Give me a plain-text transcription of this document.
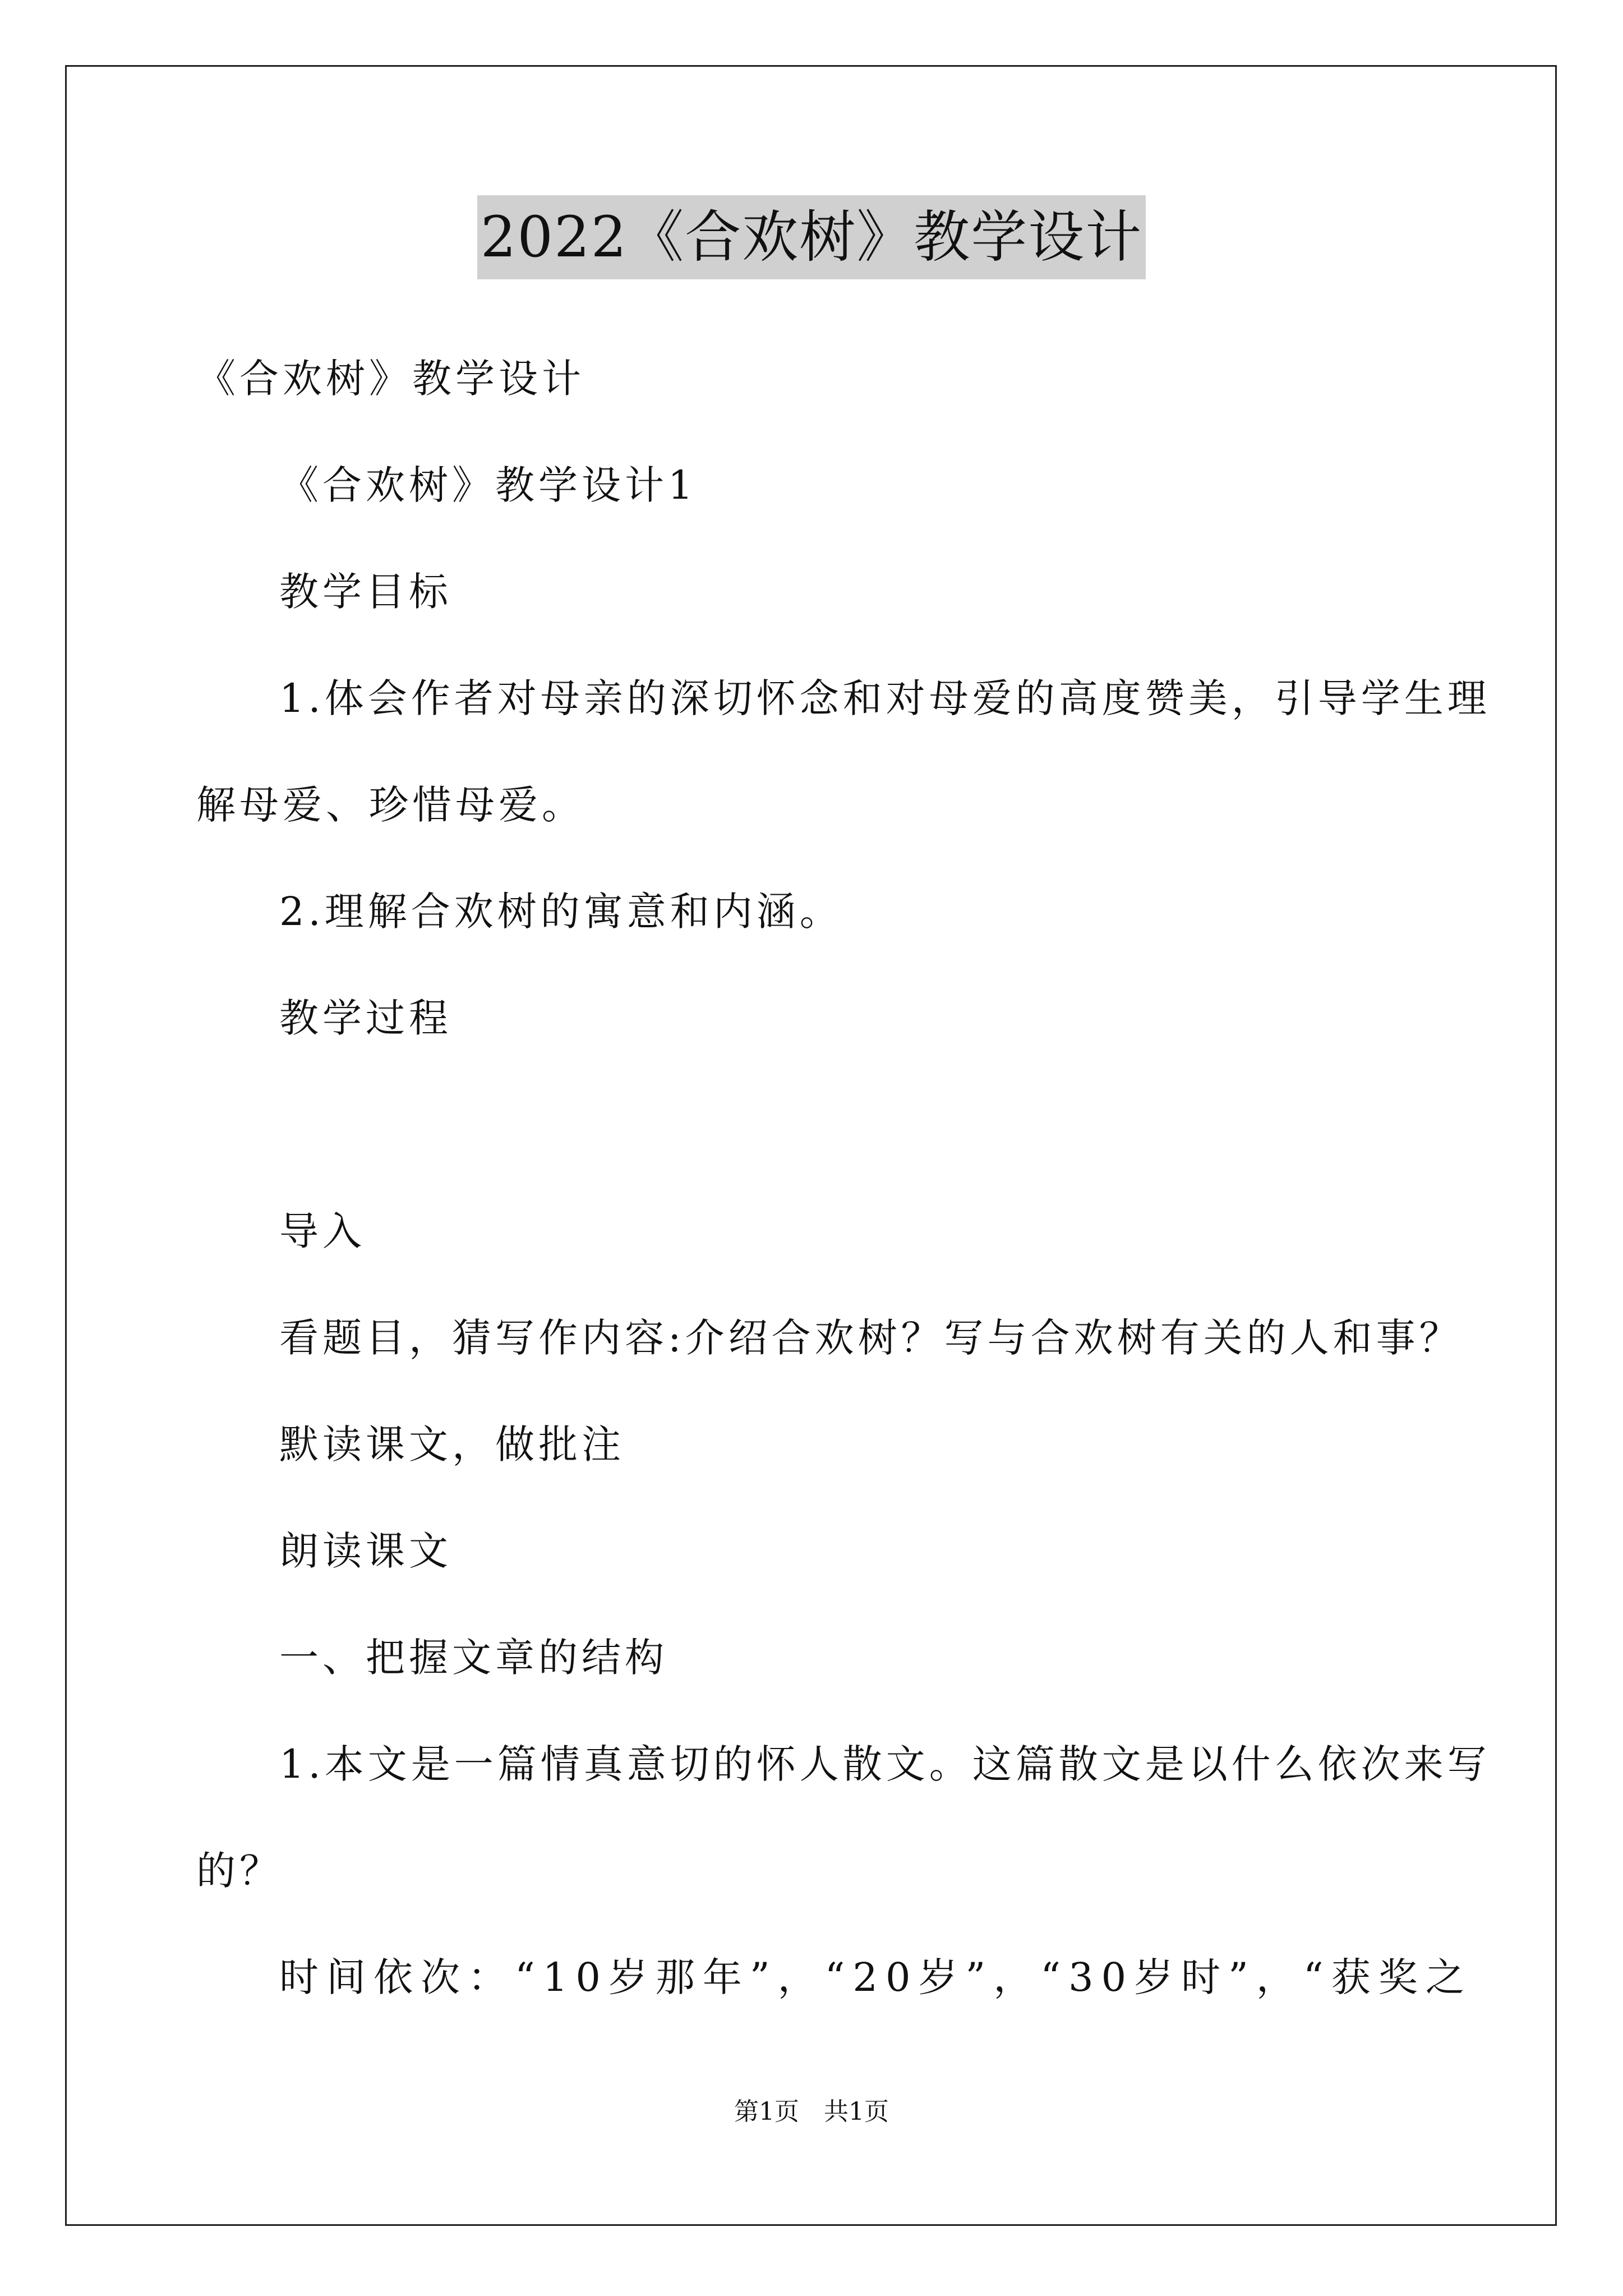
2022《合欢树》教学设计
《合欢树》教学设计
《合欢树》教学设计1
教学目标
1.体会作者对母亲的深切怀念和对母爱的高度赞美，引导学生理
解母爱、珍惜母爱。
2.理解合欢树的寓意和内涵。
教学过程
导入
看题目，猜写作内容:介绍合欢树？写与合欢树有关的人和事？
默读课文，做批注
朗读课文
一、把握文章的结构
1.本文是一篇情真意切的怀人散文。这篇散文是以什么依次来写
的？
时间依次：“10岁那年”，“20岁”，“30岁时”，“获奖之
第1页　共1页
